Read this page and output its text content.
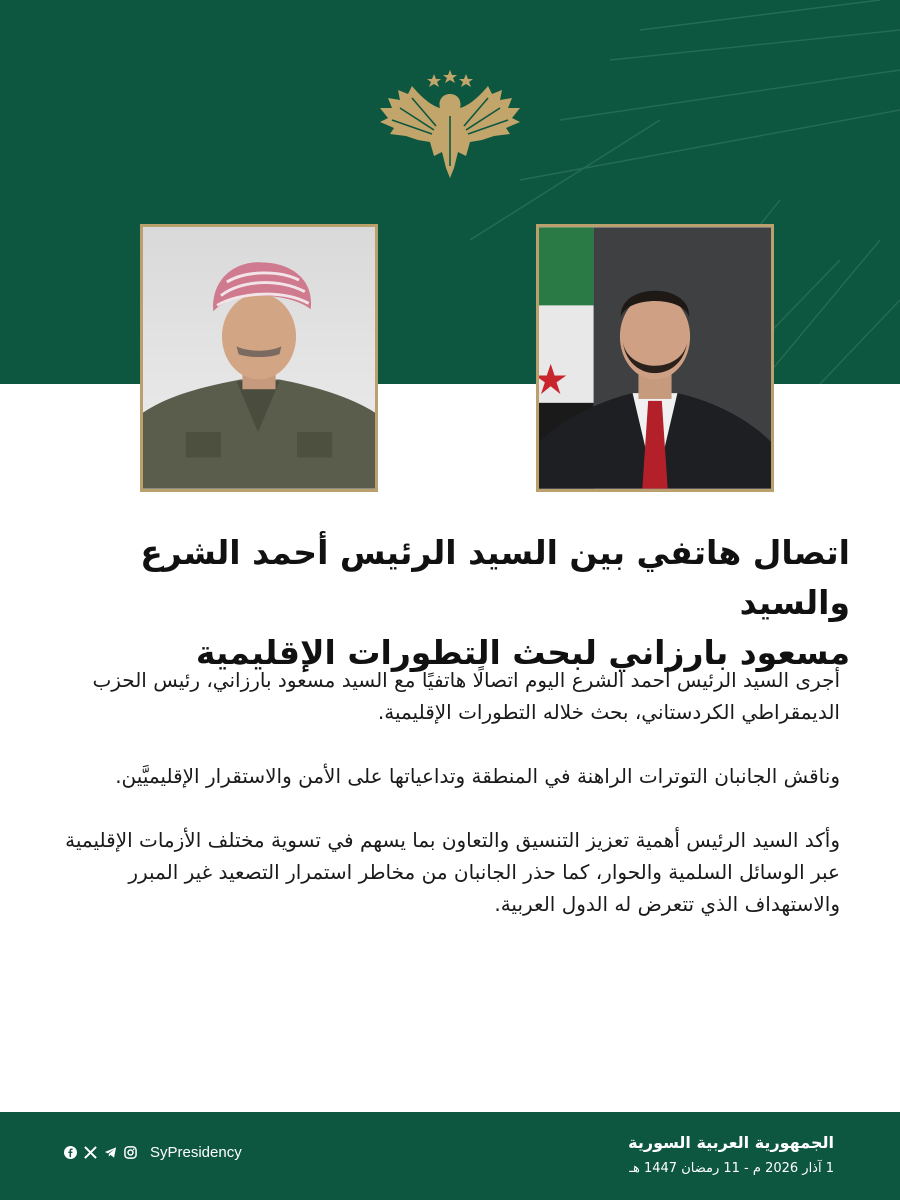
اتصال هاتفي بين السيد الرئيس أحمد الشرع والسيد
مسعود بارزاني لبحث التطورات الإقليمية

أجرى السيد الرئيس أحمد الشرع اليوم اتصالًا هاتفيًا مع السيد مسعود بارزاني، رئيس الحزب الديمقراطي الكردستاني، بحث خلاله التطورات الإقليمية.

وناقش الجانبان التوترات الراهنة في المنطقة وتداعياتها على الأمن والاستقرار الإقليميَّين.

وأكد السيد الرئيس أهمية تعزيز التنسيق والتعاون بما يسهم في تسوية مختلف الأزمات الإقليمية عبر الوسائل السلمية والحوار، كما حذر الجانبان من مخاطر استمرار التصعيد غير المبرر والاستهداف الذي تتعرض له الدول العربية.

SyPresidency
الجمهورية العربية السورية
1 آذار 2026 م - 11 رمضان 1447 هـ
